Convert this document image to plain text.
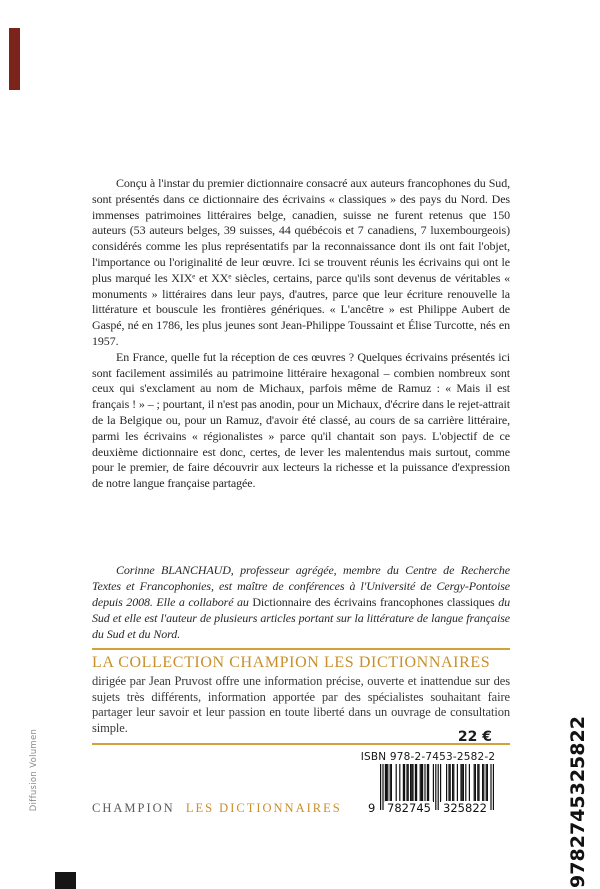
Diffusion Volumen

Conçu à l'instar du premier dictionnaire consacré aux auteurs francophones du Sud, sont présentés dans ce dictionnaire des écrivains « classiques » des pays du Nord. Des immenses patrimoines littéraires belge, canadien, suisse ne furent retenus que 150 auteurs (53 auteurs belges, 39 suisses, 44 québécois et 7 canadiens, 7 luxembourgeois) considérés comme les plus représentatifs par la reconnaissance dont ils ont fait l'objet, l'importance ou l'originalité de leur œuvre. Ici se trouvent réunis les écrivains qui ont le plus marqué les XIXᵉ et XXᵉ siècles, certains, parce qu'ils sont devenus de véritables « monuments » littéraires dans leur pays, d'autres, parce que leur écriture renouvelle la littérature et bouscule les frontières génériques. « L'ancêtre » est Philippe Aubert de Gaspé, né en 1786, les plus jeunes sont Jean-Philippe Toussaint et Élise Turcotte, nés en 1957.

En France, quelle fut la réception de ces œuvres ? Quelques écrivains présentés ici sont facilement assimilés au patrimoine littéraire hexagonal – combien nombreux sont ceux qui s'exclament au nom de Michaux, parfois même de Ramuz : « Mais il est français ! » – ; pourtant, il n'est pas anodin, pour un Michaux, d'écrire dans le rejet-attrait de la Belgique ou, pour un Ramuz, d'avoir été classé, au cours de sa carrière littéraire, parmi les écrivains « régionalistes » parce qu'il chantait son pays. L'objectif de ce deuxième dictionnaire est donc, certes, de lever les malentendus mais surtout, comme pour le premier, de faire découvrir aux lecteurs la richesse et la puissance d'expression de notre langue française partagée.

Corinne BLANCHAUD, professeur agrégée, membre du Centre de Recherche Textes et Francophonies, est maître de conférences à l'Université de Cergy-Pontoise depuis 2008. Elle a collaboré au Dictionnaire des écrivains francophones classiques du Sud et elle est l'auteur de plusieurs articles portant sur la littérature de langue française du Sud et du Nord.
LA COLLECTION CHAMPION LES DICTIONNAIRES

dirigée par Jean Pruvost offre une information précise, ouverte et inattendue sur des sujets très différents, information apportée par des spécialistes souhaitant faire partager leur savoir et leur passion en toute liberté dans un ouvrage de consultation simple.

22 €
ISBN 978-2-7453-2582-2
9 782745 325822	9782745325822
CHAMPION LES DICTIONNAIRES
